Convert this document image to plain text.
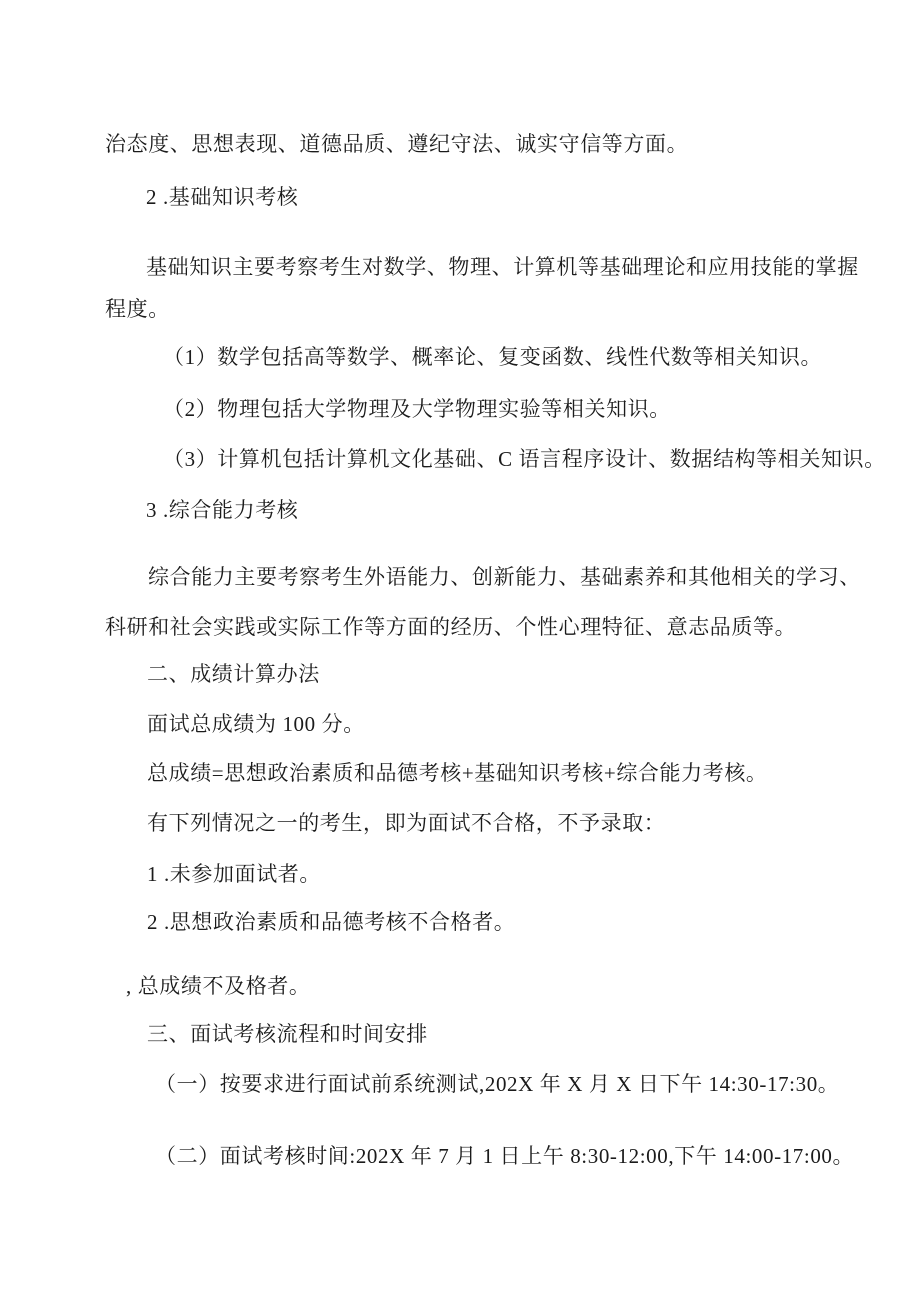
治态度、思想表现、道德品质、遵纪守法、诚实守信等方面。

2 .基础知识考核

基础知识主要考察考生对数学、物理、计算机等基础理论和应用技能的掌握

程度。

（1）数学包括高等数学、概率论、复变函数、线性代数等相关知识。

（2）物理包括大学物理及大学物理实验等相关知识。

（3）计算机包括计算机文化基础、C 语言程序设计、数据结构等相关知识。

3 .综合能力考核

综合能力主要考察考生外语能力、创新能力、基础素养和其他相关的学习、

科研和社会实践或实际工作等方面的经历、个性心理特征、意志品质等。

二、成绩计算办法

面试总成绩为 100 分。

总成绩=思想政治素质和品德考核+基础知识考核+综合能力考核。

有下列情况之一的考生，即为面试不合格，不予录取：

1 .未参加面试者。

2 .思想政治素质和品德考核不合格者。

, 总成绩不及格者。

三、面试考核流程和时间安排

（一）按要求进行面试前系统测试,202X 年 X 月 X 日下午 14:30-17:30。

（二）面试考核时间:202X 年 7 月 1 日上午 8:30-12:00,下午 14:00-17:00。
